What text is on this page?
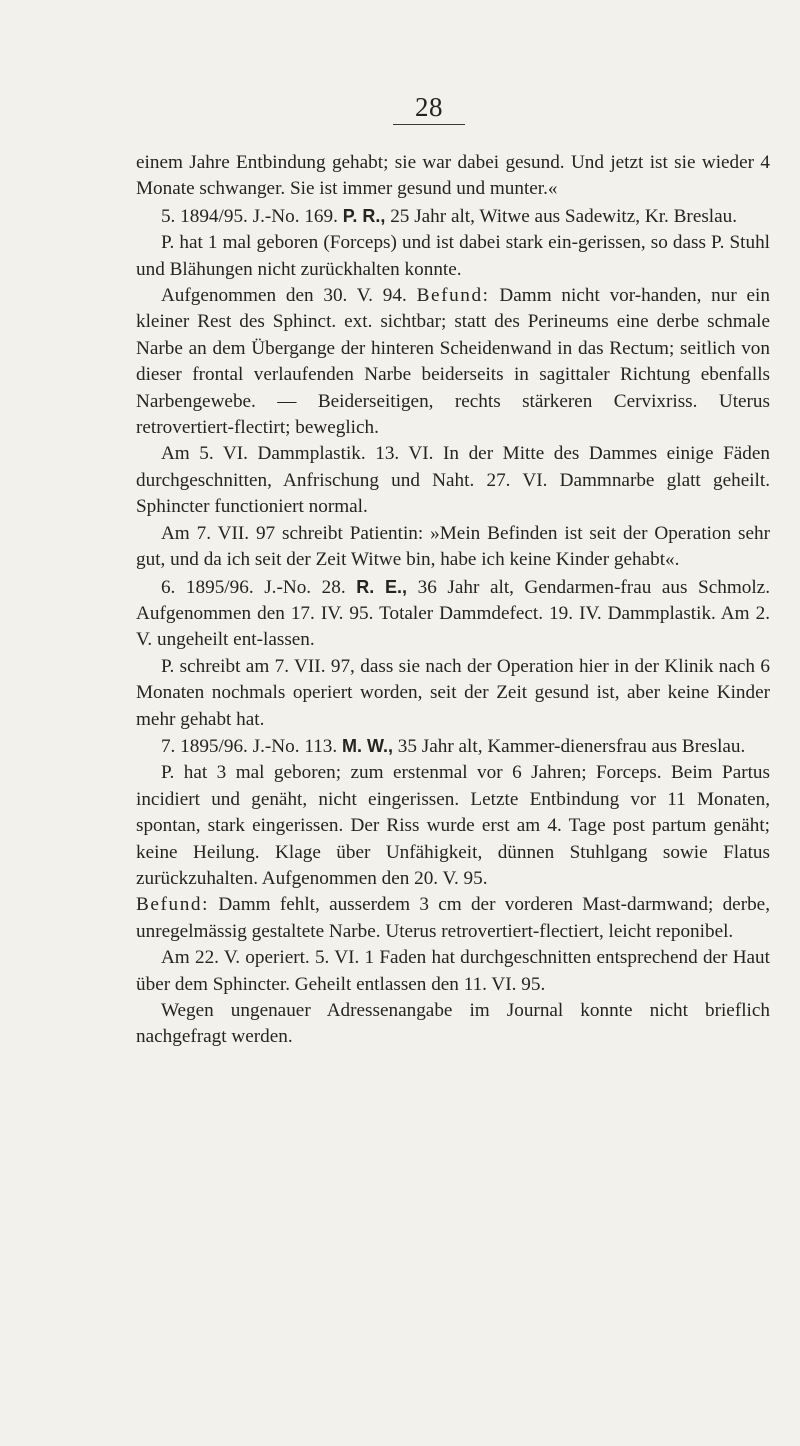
28

einem Jahre Entbindung gehabt; sie war dabei gesund. Und jetzt ist sie wieder 4 Monate schwanger. Sie ist immer gesund und munter.«

5. 1894/95. J.-No. 169. P. R., 25 Jahr alt, Witwe aus Sadewitz, Kr. Breslau.

P. hat 1 mal geboren (Forceps) und ist dabei stark ein-gerissen, so dass P. Stuhl und Blähungen nicht zurückhalten konnte.

Aufgenommen den 30. V. 94. Befund: Damm nicht vor-handen, nur ein kleiner Rest des Sphinct. ext. sichtbar; statt des Perineums eine derbe schmale Narbe an dem Übergange der hinteren Scheidenwand in das Rectum; seitlich von dieser frontal verlaufenden Narbe beiderseits in sagittaler Richtung ebenfalls Narbengewebe. — Beiderseitigen, rechts stärkeren Cervixriss. Uterus retrovertiert-flectirt; beweglich.

Am 5. VI. Dammplastik. 13. VI. In der Mitte des Dammes einige Fäden durchgeschnitten, Anfrischung und Naht. 27. VI. Dammnarbe glatt geheilt. Sphincter functioniert normal.

Am 7. VII. 97 schreibt Patientin: »Mein Befinden ist seit der Operation sehr gut, und da ich seit der Zeit Witwe bin, habe ich keine Kinder gehabt«.

6. 1895/96. J.-No. 28. R. E., 36 Jahr alt, Gendarmen-frau aus Schmolz. Aufgenommen den 17. IV. 95. Totaler Dammdefect. 19. IV. Dammplastik. Am 2. V. ungeheilt ent-lassen.

P. schreibt am 7. VII. 97, dass sie nach der Operation hier in der Klinik nach 6 Monaten nochmals operiert worden, seit der Zeit gesund ist, aber keine Kinder mehr gehabt hat.

7. 1895/96. J.-No. 113. M. W., 35 Jahr alt, Kammer-dienersfrau aus Breslau.

P. hat 3 mal geboren; zum erstenmal vor 6 Jahren; Forceps. Beim Partus incidiert und genäht, nicht eingerissen. Letzte Entbindung vor 11 Monaten, spontan, stark eingerissen. Der Riss wurde erst am 4. Tage post partum genäht; keine Heilung. Klage über Unfähigkeit, dünnen Stuhlgang sowie Flatus zurückzuhalten. Aufgenommen den 20. V. 95.

Befund: Damm fehlt, ausserdem 3 cm der vorderen Mast-darmwand; derbe, unregelmässig gestaltete Narbe. Uterus retrovertiert-flectiert, leicht reponibel.

Am 22. V. operiert. 5. VI. 1 Faden hat durchgeschnitten entsprechend der Haut über dem Sphincter. Geheilt entlassen den 11. VI. 95.

Wegen ungenauer Adressenangabe im Journal konnte nicht brieflich nachgefragt werden.
